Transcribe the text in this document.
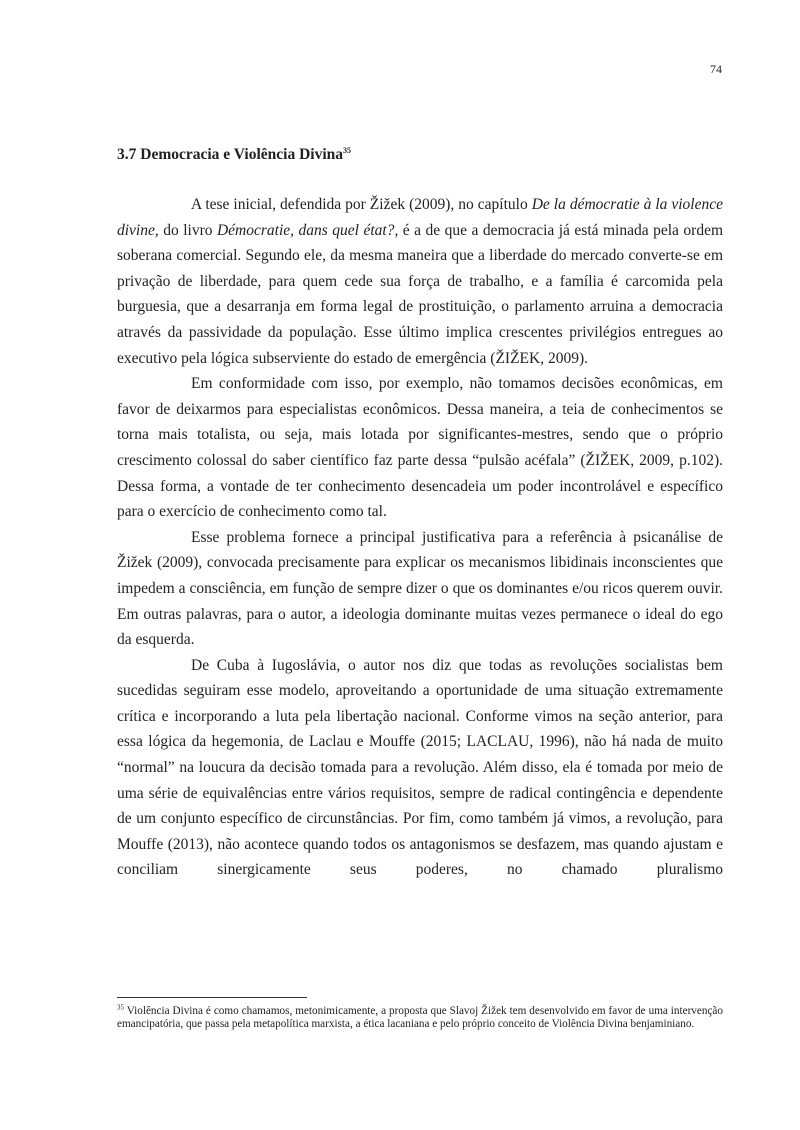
74
3.7 Democracia e Violência Divina$^{35}$

A tese inicial, defendida por Žižek (2009), no capítulo De la démocratie à la violence divine, do livro Démocratie, dans quel état?, é a de que a democracia já está minada pela ordem soberana comercial. Segundo ele, da mesma maneira que a liberdade do mercado converte-se em privação de liberdade, para quem cede sua força de trabalho, e a família é carcomida pela burguesia, que a desarranja em forma legal de prostituição, o parlamento arruina a democracia através da passividade da população. Esse último implica crescentes privilégios entregues ao executivo pela lógica subserviente do estado de emergência (ŽIŽEK, 2009).

Em conformidade com isso, por exemplo, não tomamos decisões econômicas, em favor de deixarmos para especialistas econômicos. Dessa maneira, a teia de conhecimentos se torna mais totalista, ou seja, mais lotada por significantes-mestres, sendo que o próprio crescimento colossal do saber científico faz parte dessa “pulsão acéfala” (ŽIŽEK, 2009, p.102). Dessa forma, a vontade de ter conhecimento desencadeia um poder incontrolável e específico para o exercício de conhecimento como tal.

Esse problema fornece a principal justificativa para a referência à psicanálise de Žižek (2009), convocada precisamente para explicar os mecanismos libidinais inconscientes que impedem a consciência, em função de sempre dizer o que os dominantes e/ou ricos querem ouvir. Em outras palavras, para o autor, a ideologia dominante muitas vezes permanece o ideal do ego da esquerda.

De Cuba à Iugoslávia, o autor nos diz que todas as revoluções socialistas bem sucedidas seguiram esse modelo, aproveitando a oportunidade de uma situação extremamente crítica e incorporando a luta pela libertação nacional. Conforme vimos na seção anterior, para essa lógica da hegemonia, de Laclau e Mouffe (2015; LACLAU, 1996), não há nada de muito “normal” na loucura da decisão tomada para a revolução. Além disso, ela é tomada por meio de uma série de equivalências entre vários requisitos, sempre de radical contingência e dependente de um conjunto específico de circunstâncias. Por fim, como também já vimos, a revolução, para Mouffe (2013), não acontece quando todos os antagonismos se desfazem, mas quando ajustam e conciliam sinergicamente seus poderes, no chamado pluralismo

$^{35}$ Violência Divina é como chamamos, metonimicamente, a proposta que Slavoj Žižek tem desenvolvido em favor de uma intervenção emancipatória, que passa pela metapolítica marxista, a ética lacaniana e pelo próprio conceito de Violência Divina benjaminiano.
